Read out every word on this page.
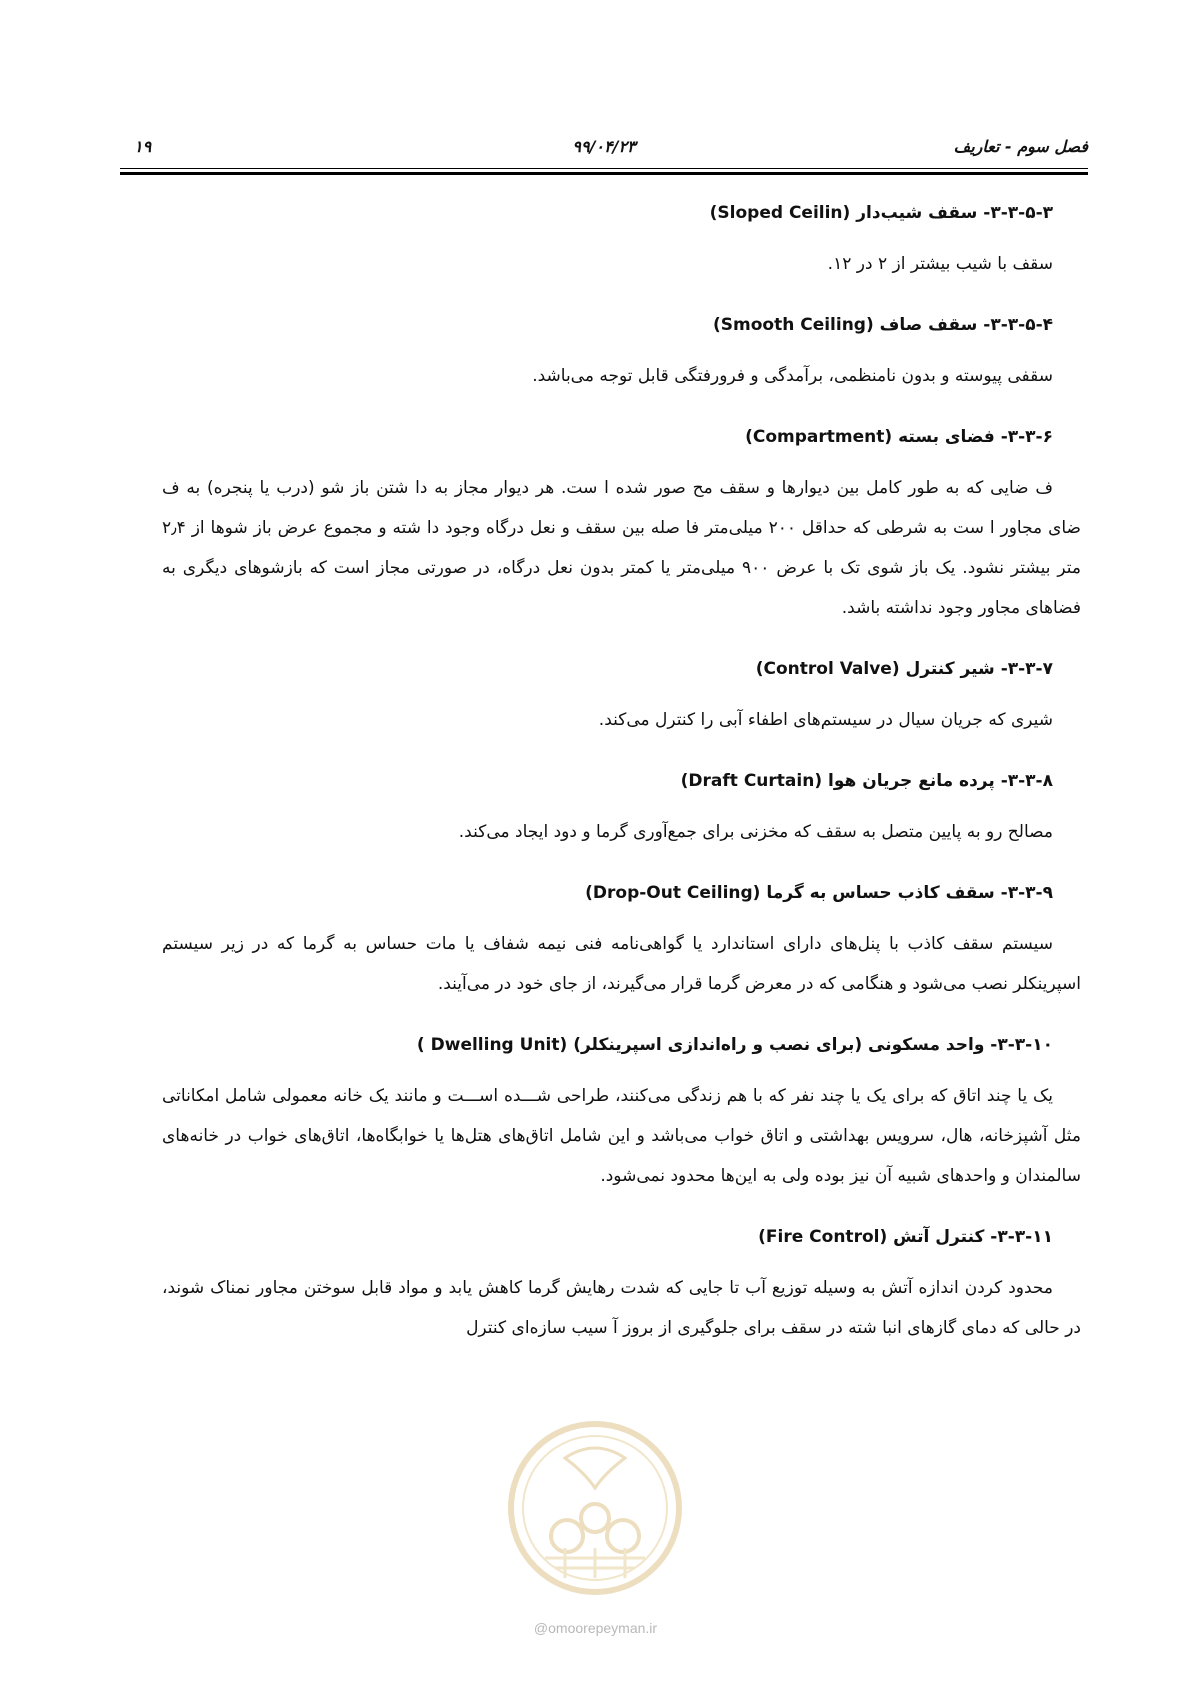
فصل سوم - تعاریف
۹۹/۰۴/۲۳
۱۹
۳-۳-۵-۳- سقف شیب‌دار (Sloped Ceilin)

سقف با شیب بیشتر از ۲ در ۱۲.

۳-۳-۵-۴- سقف صاف (Smooth Ceiling)

سقفی پیوسته و بدون نامنظمی، برآمدگی و فرورفتگی قابل توجه می‌باشد.

۳-۳-۶- فضای بسته (Compartment)

ف ضایی که به طور کامل بین دیوارها و سقف مح صور شده ا ست. هر دیوار مجاز به دا شتن باز شو (درب یا پنجره) به ف ضای مجاور ا ست به شرطی که حداقل ۲۰۰ میلی‌متر فا صله بین سقف و نعل درگاه وجود دا شته و مجموع عرض باز شوها از ۲٫۴ متر بیشتر نشود. یک باز شوی تک با عرض ۹۰۰ میلی‌متر یا کمتر بدون نعل درگاه، در صورتی مجاز است که بازشوهای دیگری به فضاهای مجاور وجود نداشته باشد.

۳-۳-۷- شیر کنترل (Control Valve)

شیری که جریان سیال در سیستم‌های اطفاء آبی را کنترل می‌کند.

۳-۳-۸- پرده مانع جریان هوا (Draft Curtain)

مصالح رو به پایین متصل به سقف که مخزنی برای جمع‌آوری گرما و دود ایجاد می‌کند.

۳-۳-۹- سقف کاذب حساس به گرما (Drop-Out Ceiling)

سیستم سقف کاذب با پنل‌های دارای استاندارد یا گواهی‌نامه فنی نیمه شفاف یا مات حساس به گرما که در زیر سیستم اسپرینکلر نصب می‌شود و هنگامی که در معرض گرما قرار می‌گیرند، از جای خود در می‌آیند.

۳-۳-۱۰- واحد مسکونی (برای نصب و راه‌اندازی اسپرینکلر) (Dwelling Unit )

یک یا چند اتاق که برای یک یا چند نفر که با هم زندگی می‌کنند، طراحی شـــده اســـت و مانند یک خانه معمولی شامل امکاناتی مثل آشپزخانه، هال، سرویس بهداشتی و اتاق خواب می‌باشد و این شامل اتاق‌های هتل‌ها یا خوابگاه‌ها، اتاق‌های خواب در خانه‌های سالمندان و واحدهای شبیه آن نیز بوده ولی به این‌ها محدود نمی‌شود.

۳-۳-۱۱- کنترل آتش (Fire Control)

محدود کردن اندازه آتش به وسیله توزیع آب تا جایی که شدت رهایش گرما کاهش یابد و مواد قابل سوختن مجاور نمناک شوند، در حالی که دمای گازهای انبا شته در سقف برای جلوگیری از بروز آ سیب سازه‌ای کنترل

@omoorepeyman.ir
